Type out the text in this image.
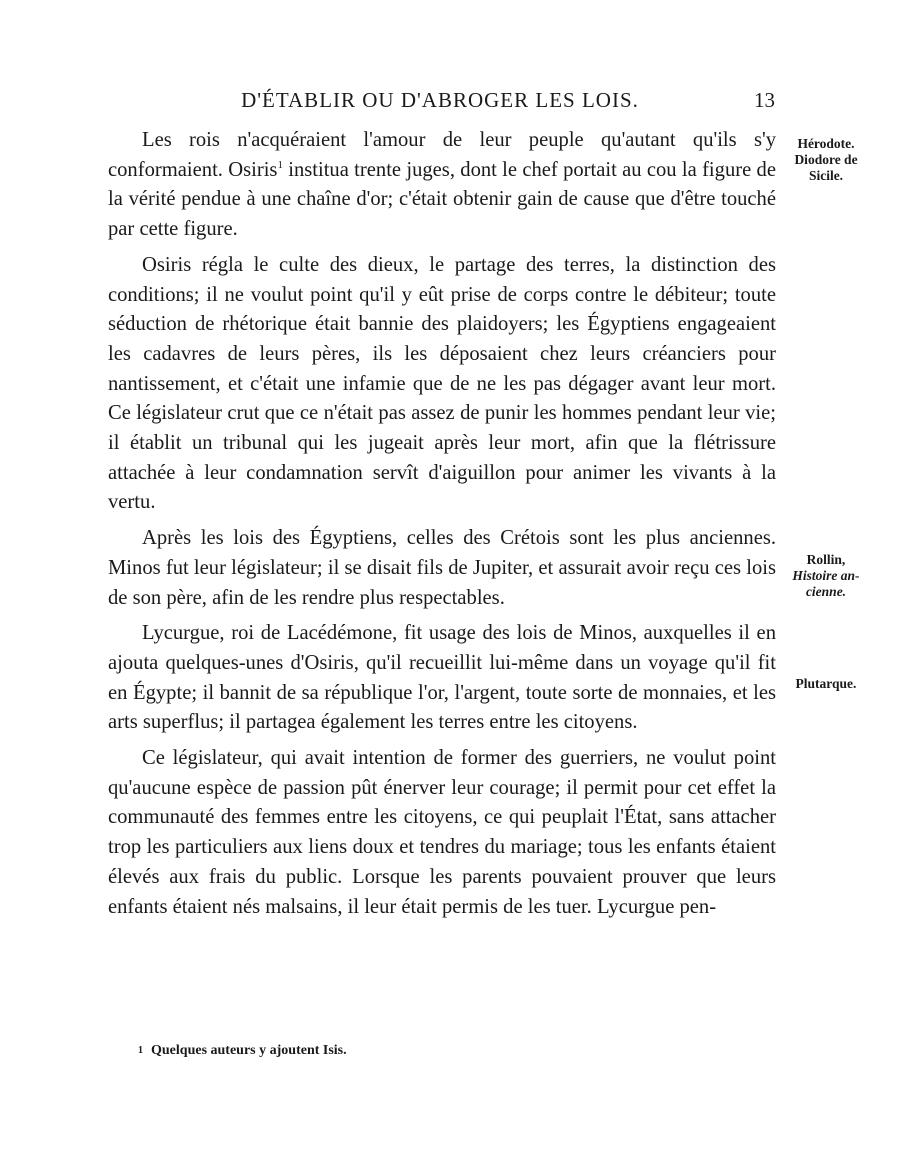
D'ÉTABLIR OU D'ABROGER LES LOIS.	13

Les rois n'acquéraient l'amour de leur peuple qu'autant qu'ils s'y conformaient. Osiris$^1$ institua trente juges, dont le chef portait au cou la figure de la vérité pendue à une chaîne d'or; c'était obtenir gain de cause que d'être touché par cette figure.

Osiris régla le culte des dieux, le partage des terres, la distinction des conditions; il ne voulut point qu'il y eût prise de corps contre le débiteur; toute séduction de rhétorique était bannie des plaidoyers; les Égyptiens engageaient les cadavres de leurs pères, ils les déposaient chez leurs créanciers pour nantissement, et c'était une infamie que de ne les pas dégager avant leur mort. Ce législateur crut que ce n'était pas assez de punir les hommes pendant leur vie; il établit un tribunal qui les jugeait après leur mort, afin que la flétrissure attachée à leur condamnation servît d'aiguillon pour animer les vivants à la vertu.

Après les lois des Égyptiens, celles des Crétois sont les plus anciennes. Minos fut leur législateur; il se disait fils de Jupiter, et assurait avoir reçu ces lois de son père, afin de les rendre plus respectables.

Lycurgue, roi de Lacédémone, fit usage des lois de Minos, auxquelles il en ajouta quelques-unes d'Osiris, qu'il recueillit lui-même dans un voyage qu'il fit en Égypte; il bannit de sa république l'or, l'argent, toute sorte de monnaies, et les arts superflus; il partagea également les terres entre les citoyens.

Ce législateur, qui avait intention de former des guerriers, ne voulut point qu'aucune espèce de passion pût énerver leur courage; il permit pour cet effet la communauté des femmes entre les citoyens, ce qui peuplait l'État, sans attacher trop les particuliers aux liens doux et tendres du mariage; tous les enfants étaient élevés aux frais du public. Lorsque les parents pouvaient prouver que leurs enfants étaient nés malsains, il leur était permis de les tuer. Lycurgue pen-

Hérodote.
Diodore de
Sicile.
Rollin,
Histoire an-
cienne.
Plutarque.
1 Quelques auteurs y ajoutent Isis.
